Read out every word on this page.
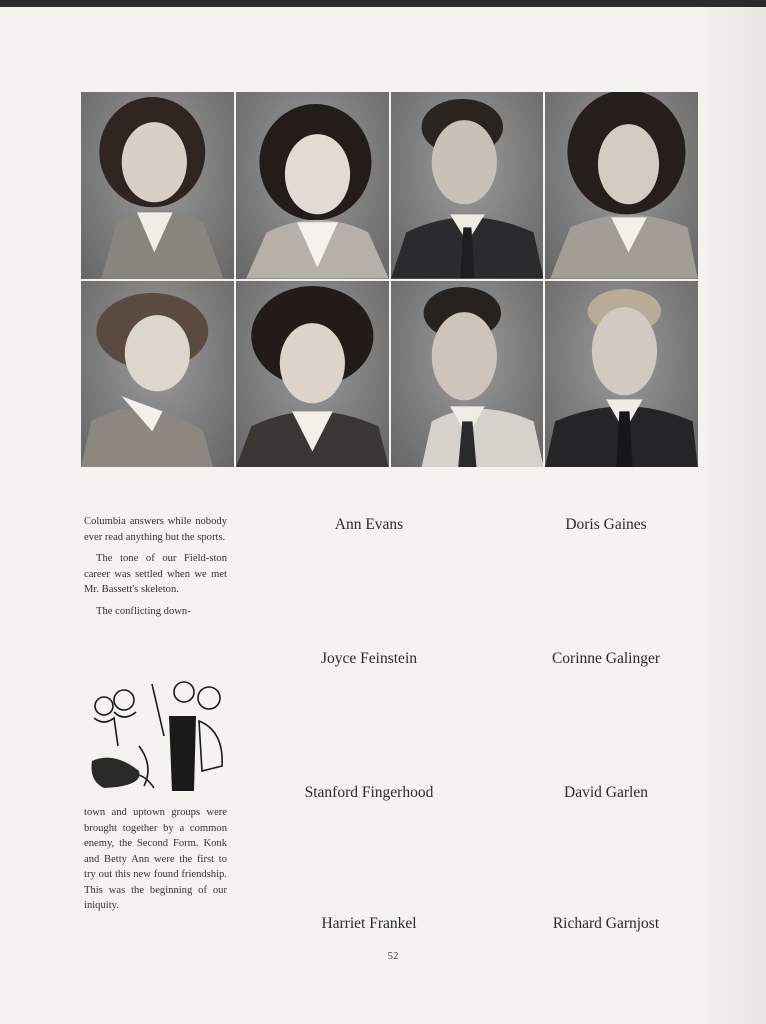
Columbia answers while nobody ever read anything but the sports.

The tone of our Field-ston career was settled when we met Mr. Bassett's skeleton.

The conflicting down-

town and uptown groups were brought together by a common enemy, the Second Form. Konk and Betty Ann were the first to try out this new found friendship. This was the beginning of our iniquity.

Ann Evans	Doris Gaines
Joyce Feinstein	Corinne Galinger
Stanford Fingerhood	David Garlen
Harriet Frankel	Richard Garnjost
52
